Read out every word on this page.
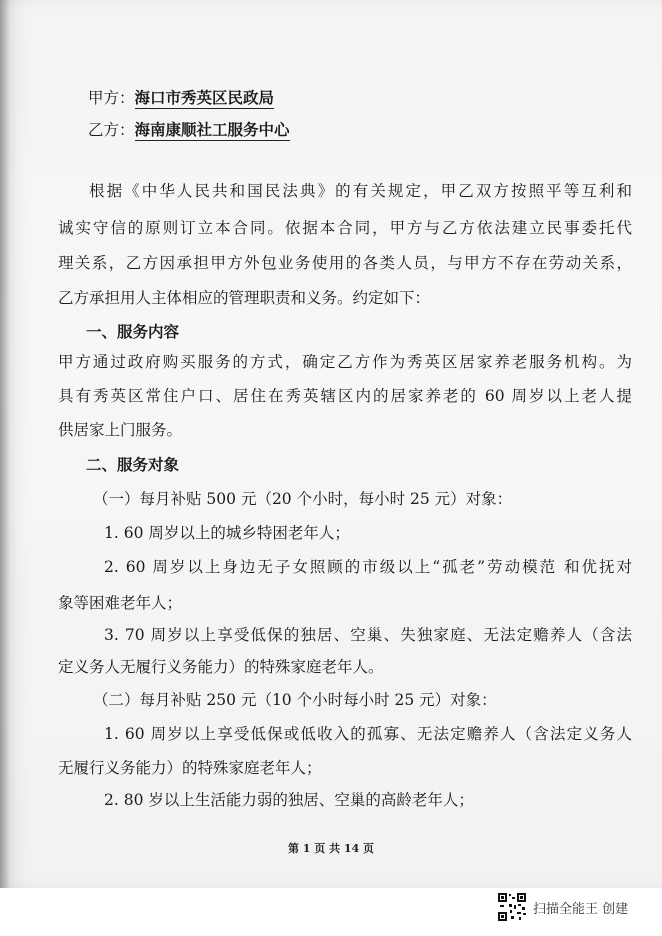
甲方：海口市秀英区民政局
乙方：海南康顺社工服务中心
根据《中华人民共和国民法典》的有关规定，甲乙双方按照平等互利和
诚实守信的原则订立本合同。依据本合同，甲方与乙方依法建立民事委托代
理关系，乙方因承担甲方外包业务使用的各类人员，与甲方不存在劳动关系，
乙方承担用人主体相应的管理职责和义务。约定如下：
一、服务内容
甲方通过政府购买服务的方式，确定乙方作为秀英区居家养老服务机构。为
具有秀英区常住户口、居住在秀英辖区内的居家养老的 60 周岁以上老人提
供居家上门服务。
二、服务对象
（一）每月补贴 500 元（20 个小时，每小时 25 元）对象：
1. 60 周岁以上的城乡特困老年人；
2. 60 周岁以上身边无子女照顾的市级以上“孤老”劳动模范 和优抚对
象等困难老年人；
3. 70 周岁以上享受低保的独居、空巢、失独家庭、无法定赡养人（含法
定义务人无履行义务能力）的特殊家庭老年人。
（二）每月补贴 250 元（10 个小时每小时 25 元）对象：
1. 60 周岁以上享受低保或低收入的孤寡、无法定赡养人（含法定义务人
无履行义务能力）的特殊家庭老年人；
2. 80 岁以上生活能力弱的独居、空巢的高龄老年人；
第 1 页 共 14 页
扫描全能王 创建
